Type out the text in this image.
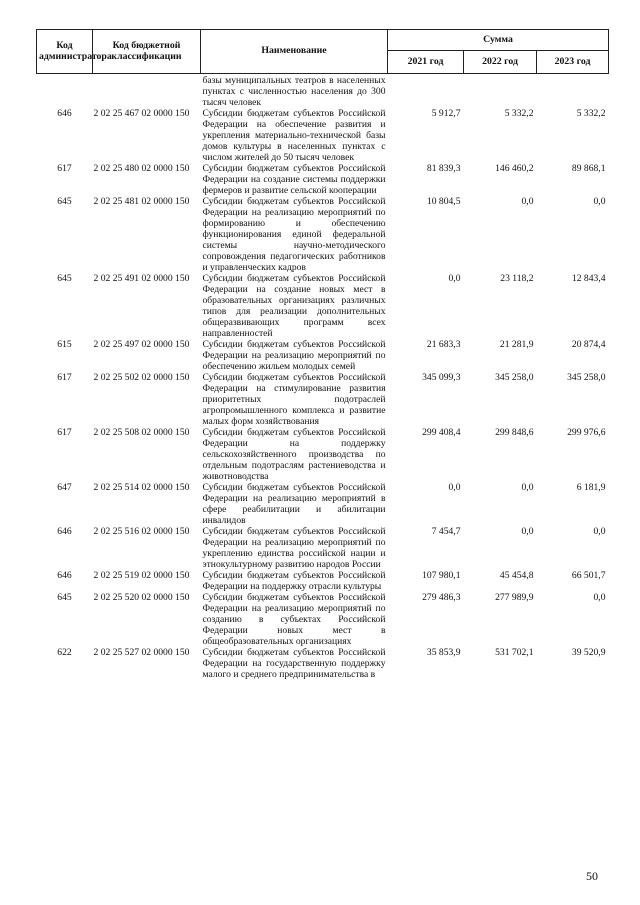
Код администратора	Код бюджетной классификации	Наименование	Сумма		
			2021 год	2022 год	2023 год
		базы муниципальных театров в населенных пунктах с численностью населения до 300 тысяч человек			
646	2 02 25 467 02 0000 150	Субсидии бюджетам субъектов Российской Федерации на обеспечение развития и укрепления материально-технической базы домов культуры в населенных пунктах с числом жителей до 50 тысяч человек	5 912,7	5 332,2	5 332,2
617	2 02 25 480 02 0000 150	Субсидии бюджетам субъектов Российской Федерации на создание системы поддержки фермеров и развитие сельской кооперации	81 839,3	146 460,2	89 868,1
645	2 02 25 481 02 0000 150	Субсидии бюджетам субъектов Российской Федерации на реализацию мероприятий по формированию и обеспечению функционирования единой федеральной системы научно-методического сопровождения педагогических работников и управленческих кадров	10 804,5	0,0	0,0
645	2 02 25 491 02 0000 150	Субсидии бюджетам субъектов Российской Федерации на создание новых мест в образовательных организациях различных типов для реализации дополнительных общеразвивающих программ всех направленностей	0,0	23 118,2	12 843,4
615	2 02 25 497 02 0000 150	Субсидии бюджетам субъектов Российской Федерации на реализацию мероприятий по обеспечению жильем молодых семей	21 683,3	21 281,9	20 874,4
617	2 02 25 502 02 0000 150	Субсидии бюджетам субъектов Российской Федерации на стимулирование развития приоритетных подотраслей агропромышленного комплекса и развитие малых форм хозяйствования	345 099,3	345 258,0	345 258,0
617	2 02 25 508 02 0000 150	Субсидии бюджетам субъектов Российской Федерации на поддержку сельскохозяйственного производства по отдельным подотраслям растениеводства и животноводства	299 408,4	299 848,6	299 976,6
647	2 02 25 514 02 0000 150	Субсидии бюджетам субъектов Российской Федерации на реализацию мероприятий в сфере реабилитации и абилитации инвалидов	0,0	0,0	6 181,9
646	2 02 25 516 02 0000 150	Субсидии бюджетам субъектов Российской Федерации на реализацию мероприятий по укреплению единства российской нации и этнокультурному развитию народов России	7 454,7	0,0	0,0
646	2 02 25 519 02 0000 150	Субсидии бюджетам субъектов Российской Федерации на поддержку отрасли культуры	107 980,1	45 454,8	66 501,7
645	2 02 25 520 02 0000 150	Субсидии бюджетам субъектов Российской Федерации на реализацию мероприятий по созданию в субъектах Российской Федерации новых мест в общеобразовательных организациях	279 486,3	277 989,9	0,0
622	2 02 25 527 02 0000 150	Субсидии бюджетам субъектов Российской Федерации на государственную поддержку малого и среднего предпринимательства в	35 853,9	531 702,1	39 520,9
50
